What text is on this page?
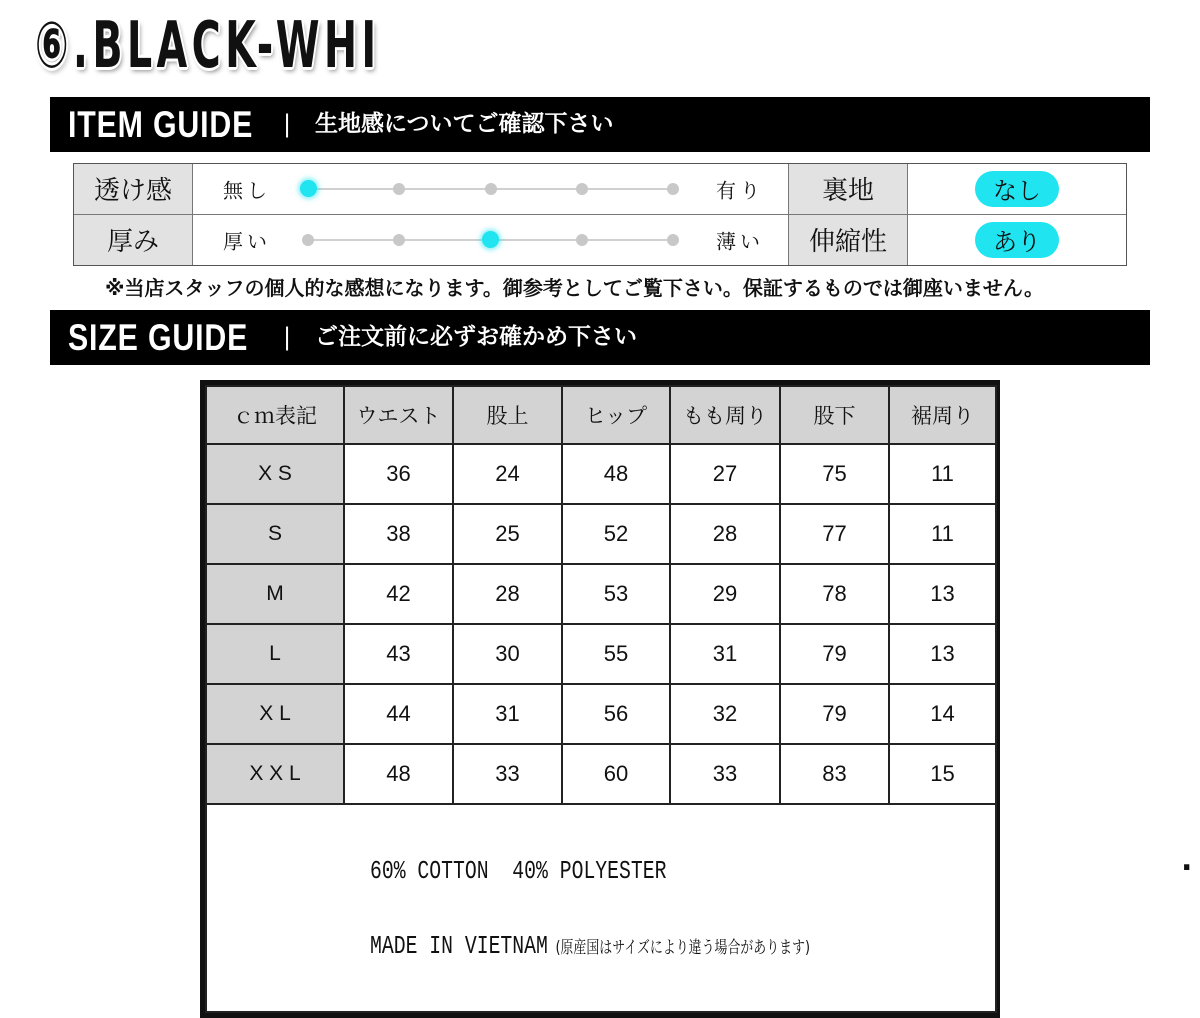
⑥.BLACK-WHI
ITEM GUIDE | 生地感についてご確認下さい
透け感	無し	有り	裏地	なし
厚み	厚い	薄い	伸縮性	あり
※当店スタッフの個人的な感想になります。御参考としてご覧下さい。保証するものでは御座いません。
SIZE GUIDE | ご注文前に必ずお確かめ下さい
ｃｍ表記	ウエスト	股上	ヒップ	もも周り	股下	裾周り
X S	36	24	48	27	75	11
S	38	25	52	28	77	11
M	42	28	53	29	78	13
L	43	30	55	31	79	13
X L	44	31	56	32	79	14
X X L	48	33	60	33	83	15

60% COTTON  40% POLYESTER

MADE IN VIETNAM (原産国はサイズにより違う場合があります)						

.
